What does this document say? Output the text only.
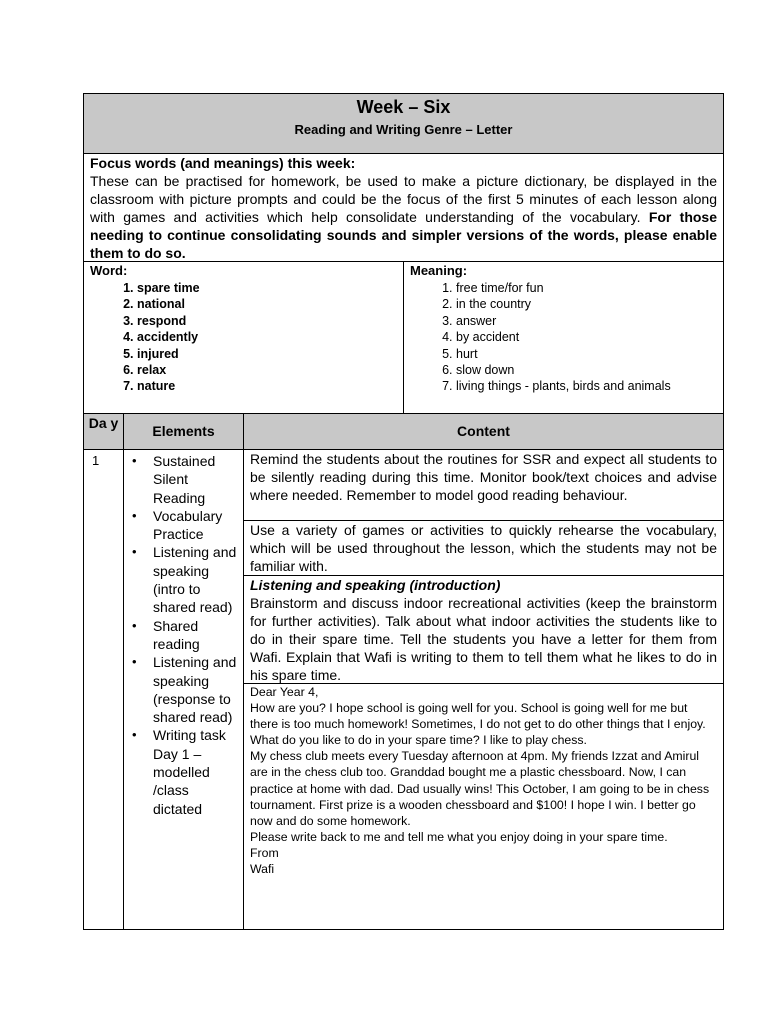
Week – Six
Reading and Writing Genre – Letter
Focus words (and meanings) this week:
These can be practised for homework, be used to make a picture dictionary, be displayed in the classroom with picture prompts and could be the focus of the first 5 minutes of each lesson along with games and activities which help consolidate understanding of the vocabulary. For those needing to continue consolidating sounds and simpler versions of the words, please enable them to do so.
Word:
1. spare time
2. national
3. respond
4. accidently
5. injured
6. relax
7. nature
Meaning:
1. free time/for fun
2. in the country
3. answer
4. by accident
5. hurt
6. slow down
7. living things - plants, birds and animals
Da y	Elements	Content
1
•	Sustained Silent Reading
• Vocabulary Practice
• Listening and speaking (intro to shared read)
• Shared reading
• Listening and speaking (response to shared read)
• Writing task Day 1 – modelled /class dictated
Remind the students about the routines for SSR and expect all students to be silently reading during this time. Monitor book/text choices and advise where needed. Remember to model good reading behaviour.
Use a variety of games or activities to quickly rehearse the vocabulary, which will be used throughout the lesson, which the students may not be familiar with.
Listening and speaking (introduction)
Brainstorm and discuss indoor recreational activities (keep the brainstorm for further activities). Talk about what indoor activities the students like to do in their spare time. Tell the students you have a letter for them from Wafi. Explain that Wafi is writing to them to tell them what he likes to do in his spare time.
Dear Year 4,
How are you? I hope school is going well for you. School is going well for me but there is too much homework! Sometimes, I do not get to do other things that I enjoy. What do you like to do in your spare time? I like to play chess.
My chess club meets every Tuesday afternoon at 4pm. My friends Izzat and Amirul are in the chess club too. Granddad bought me a plastic chessboard. Now, I can practice at home with dad. Dad usually wins! This October, I am going to be in chess tournament. First prize is a wooden chessboard and $100! I hope I win. I better go now and do some homework.
Please write back to me and tell me what you enjoy doing in your spare time.
From
Wafi
